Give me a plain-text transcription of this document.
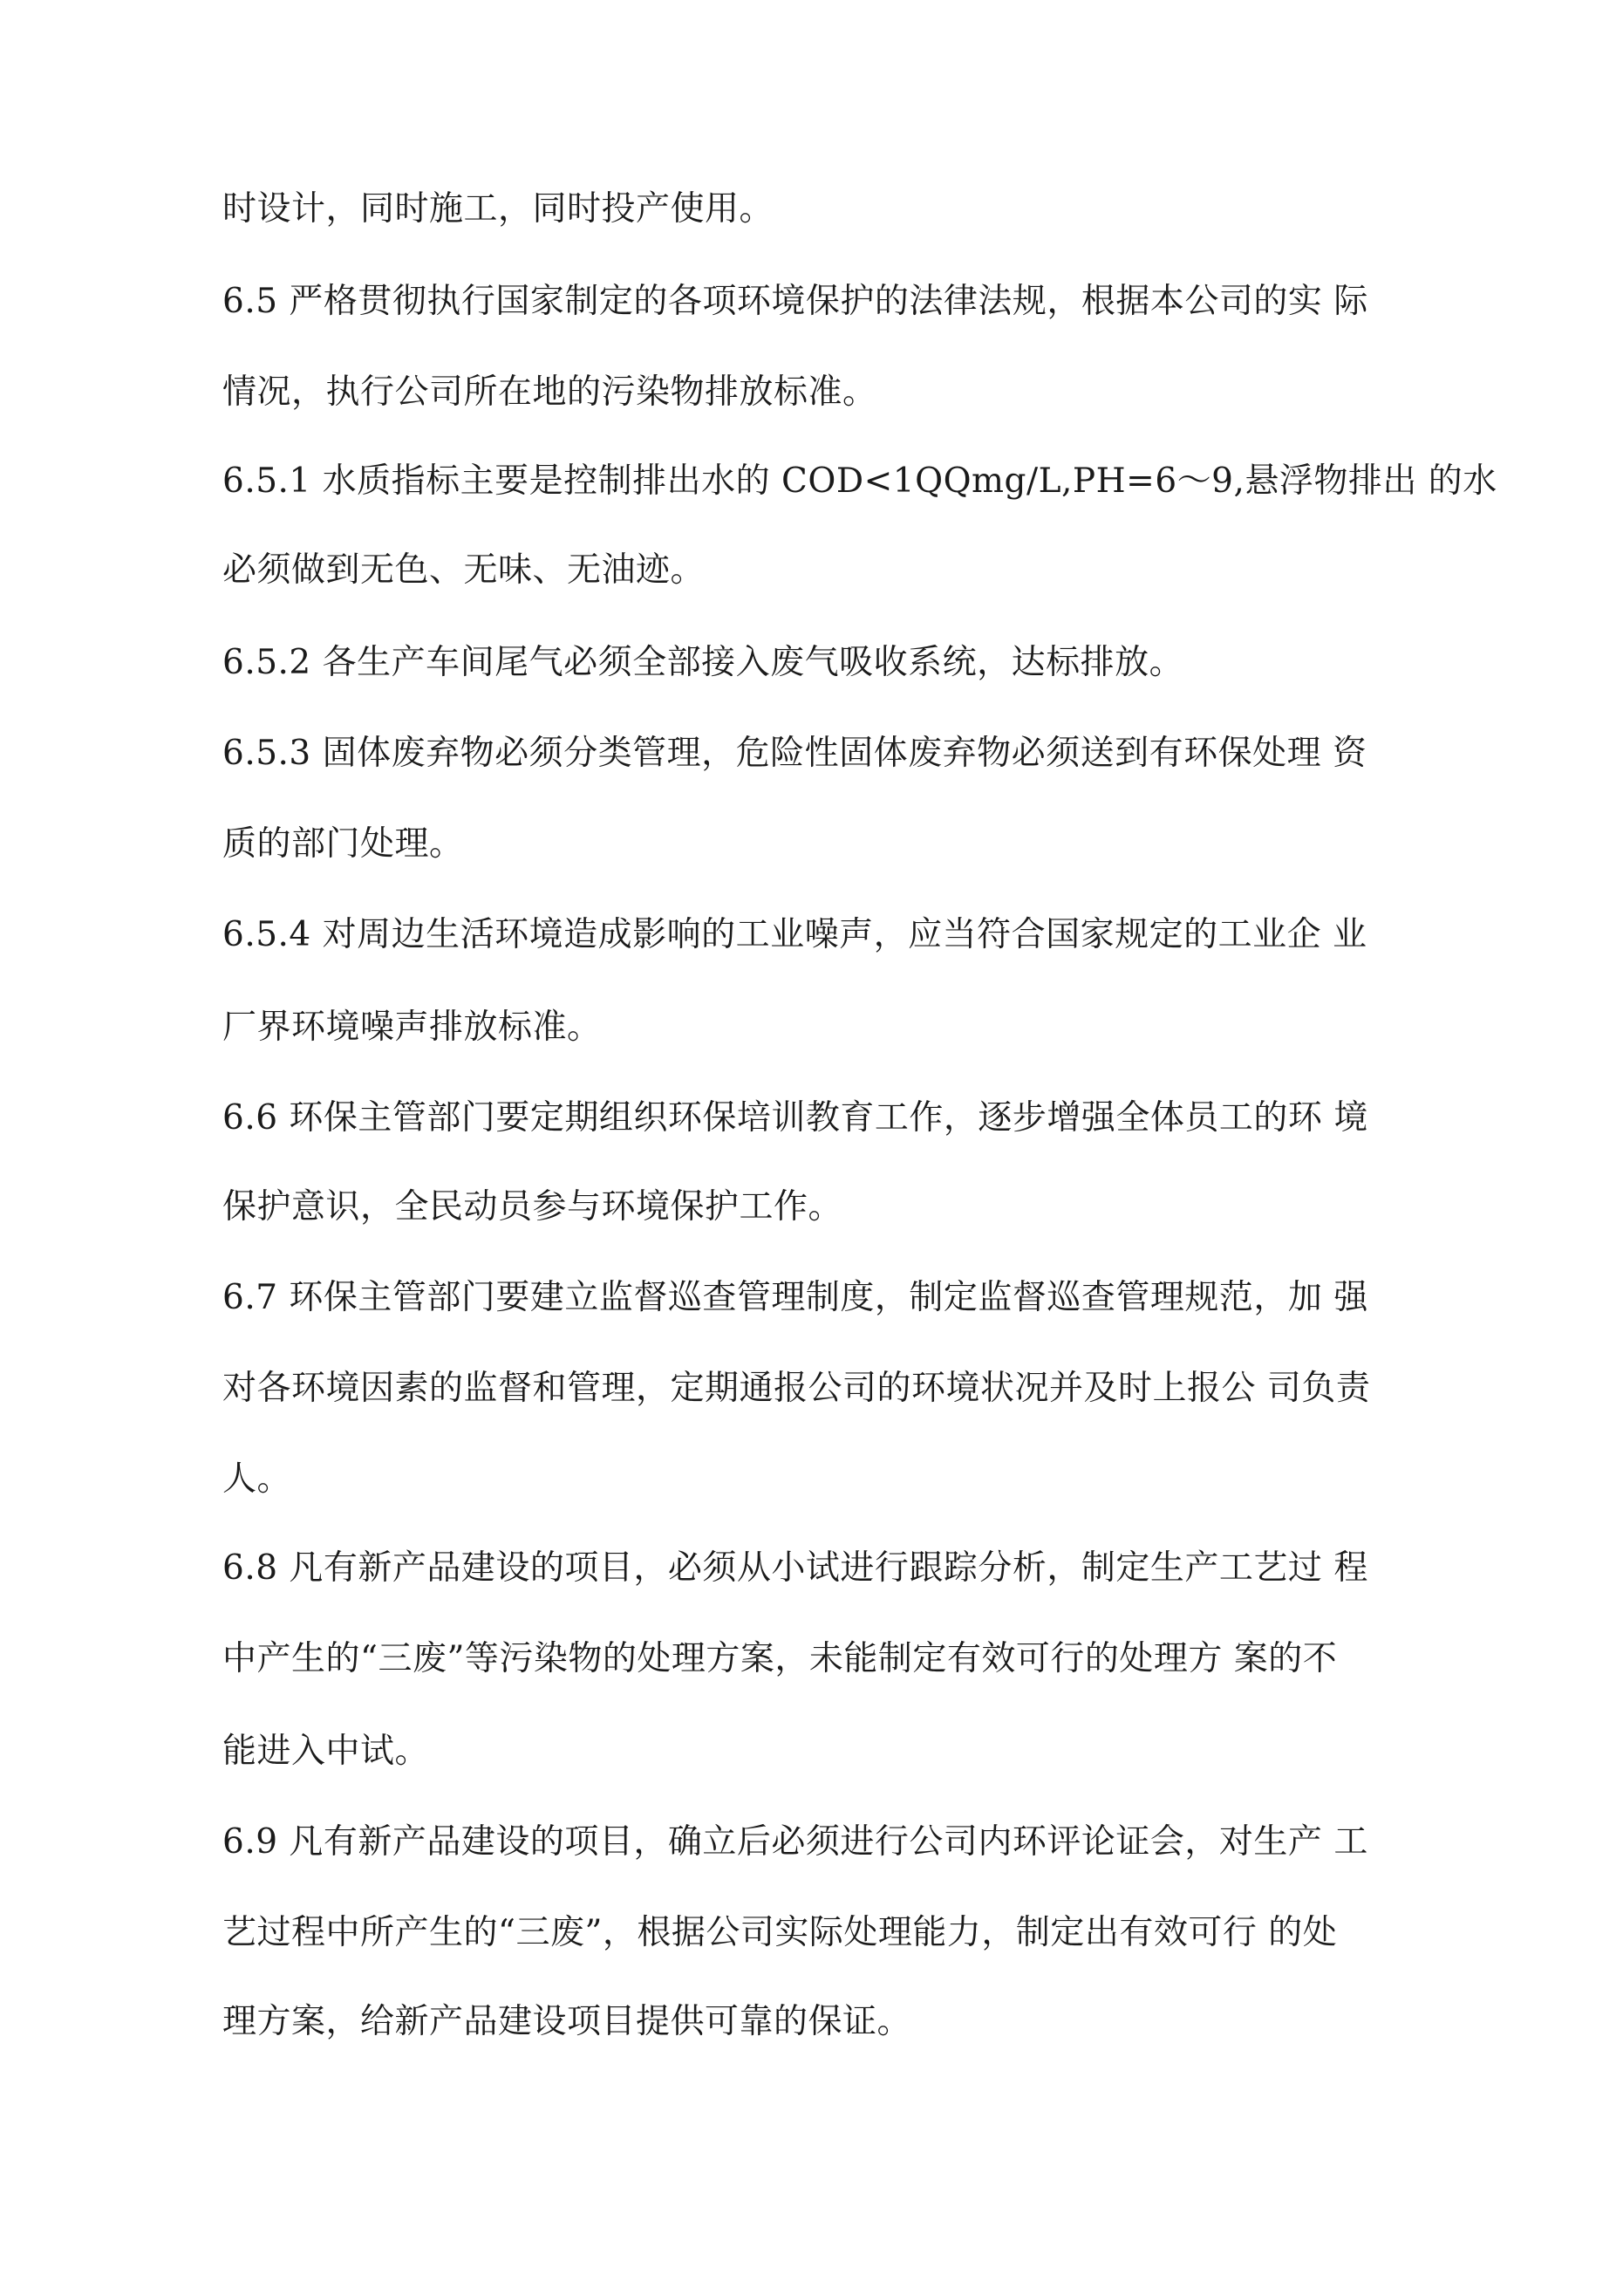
时设计，同时施工，同时投产使用。
6.5 严格贯彻执行国家制定的各项环境保护的法律法规，根据本公司的实 际
情况，执行公司所在地的污染物排放标准。
6.5.1 水质指标主要是控制排出水的 COD<1QQmg/L,PH=6〜9,悬浮物排出 的水
必须做到无色、无味、无油迹。
6.5.2 各生产车间尾气必须全部接入废气吸收系统，达标排放。
6.5.3 固体废弃物必须分类管理，危险性固体废弃物必须送到有环保处理 资
质的部门处理。
6.5.4 对周边生活环境造成影响的工业噪声，应当符合国家规定的工业企 业
厂界环境噪声排放标准。
6.6 环保主管部门要定期组织环保培训教育工作，逐步增强全体员工的环 境
保护意识，全民动员参与环境保护工作。
6.7 环保主管部门要建立监督巡查管理制度，制定监督巡查管理规范，加 强
对各环境因素的监督和管理，定期通报公司的环境状况并及时上报公 司负责
人。
6.8 凡有新产品建设的项目，必须从小试进行跟踪分析，制定生产工艺过 程
中产生的“三废”等污染物的处理方案，未能制定有效可行的处理方 案的不
能进入中试。
6.9 凡有新产品建设的项目，确立后必须进行公司内环评论证会，对生产 工
艺过程中所产生的“三废”，根据公司实际处理能力，制定出有效可行 的处
理方案，给新产品建设项目提供可靠的保证。
